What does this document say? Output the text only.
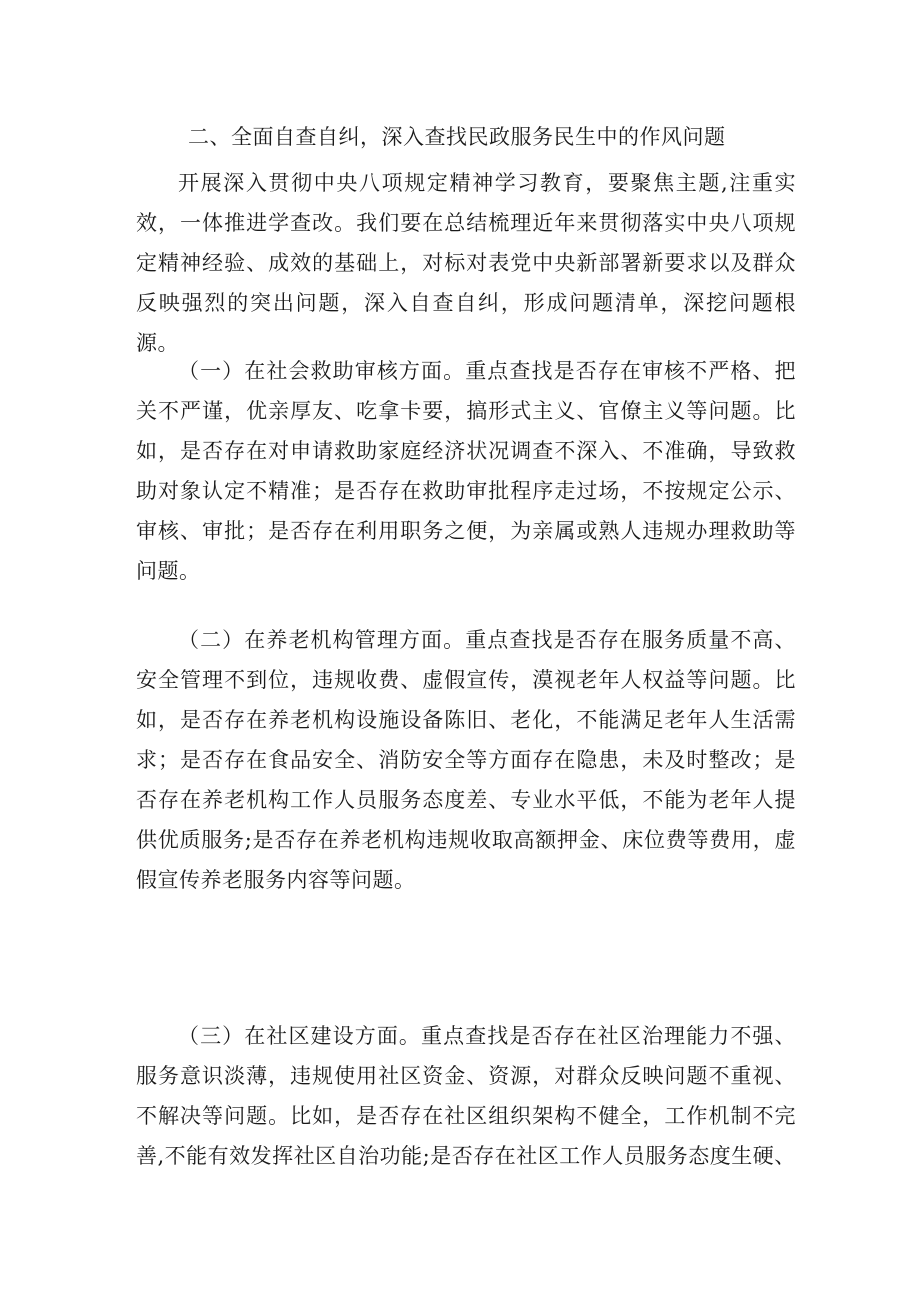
二、全面自查自纠，深入查找民政服务民生中的作风问题

开展深入贯彻中央八项规定精神学习教育，要聚焦主题,注重实效，一体推进学查改。我们要在总结梳理近年来贯彻落实中央八项规定精神经验、成效的基础上，对标对表党中央新部署新要求以及群众反映强烈的突出问题，深入自查自纠，形成问题清单，深挖问题根源。

（一）在社会救助审核方面。重点查找是否存在审核不严格、把关不严谨，优亲厚友、吃拿卡要，搞形式主义、官僚主义等问题。比如，是否存在对申请救助家庭经济状况调查不深入、不准确，导致救助对象认定不精准；是否存在救助审批程序走过场，不按规定公示、审核、审批；是否存在利用职务之便，为亲属或熟人违规办理救助等问题。

（二）在养老机构管理方面。重点查找是否存在服务质量不高、安全管理不到位，违规收费、虚假宣传，漠视老年人权益等问题。比如，是否存在养老机构设施设备陈旧、老化，不能满足老年人生活需求；是否存在食品安全、消防安全等方面存在隐患，未及时整改；是否存在养老机构工作人员服务态度差、专业水平低，不能为老年人提供优质服务;是否存在养老机构违规收取高额押金、床位费等费用，虚假宣传养老服务内容等问题。

（三）在社区建设方面。重点查找是否存在社区治理能力不强、服务意识淡薄，违规使用社区资金、资源，对群众反映问题不重视、不解决等问题。比如，是否存在社区组织架构不健全，工作机制不完善,不能有效发挥社区自治功能;是否存在社区工作人员服务态度生硬、
